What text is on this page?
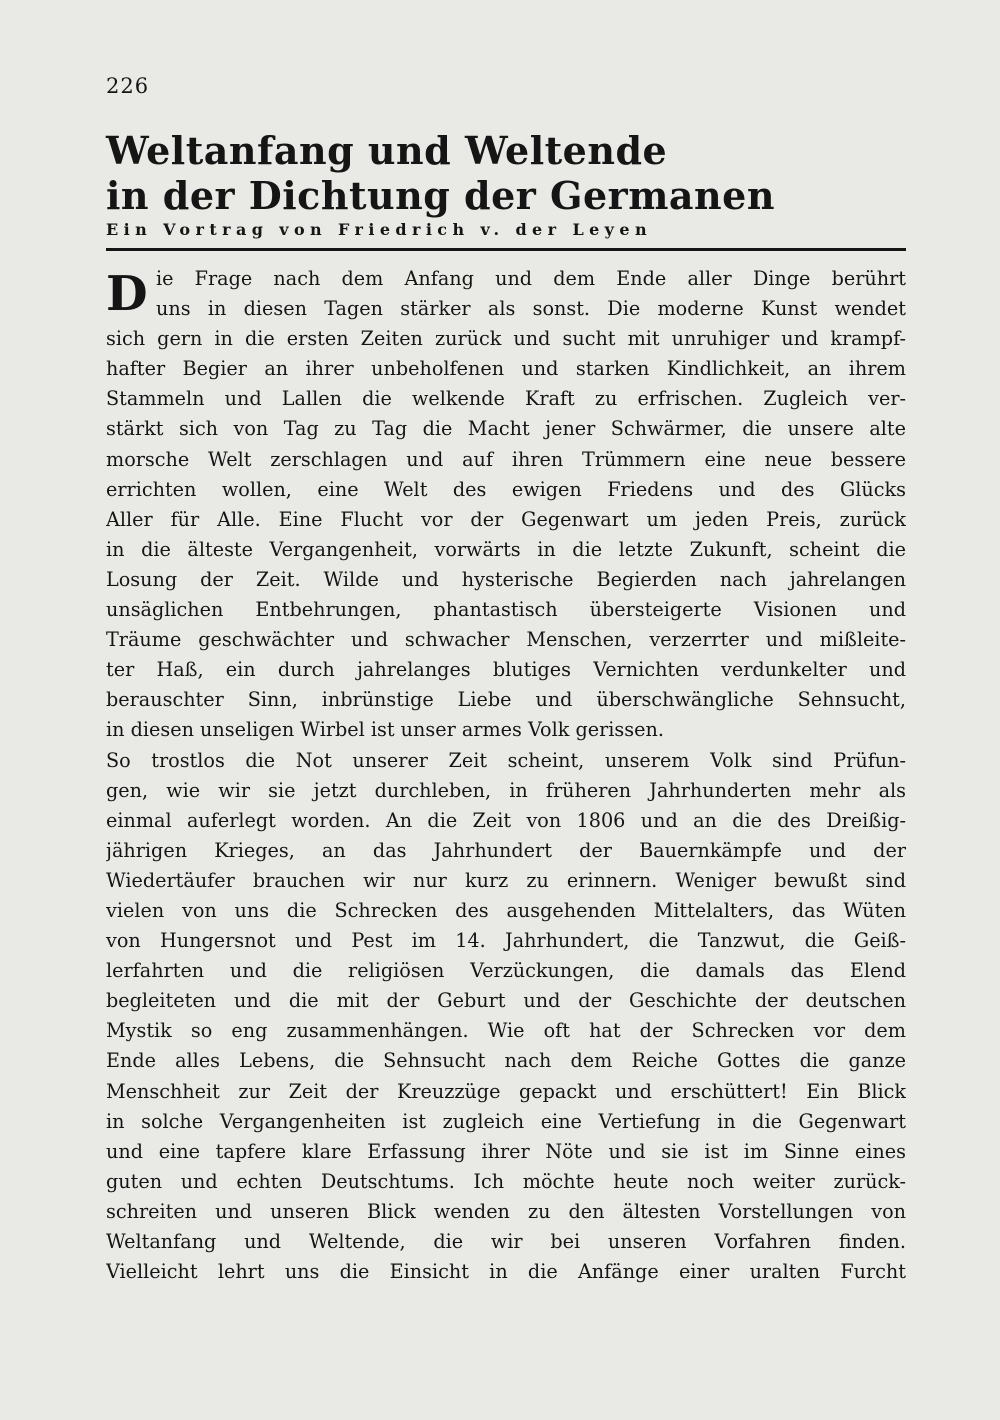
226
Weltanfang und Weltende
in der Dichtung der Germanen
Ein Vortrag von Friedrich v. der Leyen
D ie Frage nach dem Anfang und dem Ende aller Dinge berührt
uns in diesen Tagen stärker als sonst. Die moderne Kunst wendet
sich gern in die ersten Zeiten zurück und sucht mit unruhiger und krampf-
hafter Begier an ihrer unbeholfenen und starken Kindlichkeit, an ihrem
Stammeln und Lallen die welkende Kraft zu erfrischen. Zugleich ver-
stärkt sich von Tag zu Tag die Macht jener Schwärmer, die unsere alte
morsche Welt zerschlagen und auf ihren Trümmern eine neue bessere
errichten wollen, eine Welt des ewigen Friedens und des Glücks
Aller für Alle. Eine Flucht vor der Gegenwart um jeden Preis, zurück
in die älteste Vergangenheit, vorwärts in die letzte Zukunft, scheint die
Losung der Zeit. Wilde und hysterische Begierden nach jahrelangen
unsäglichen Entbehrungen, phantastisch übersteigerte Visionen und
Träume geschwächter und schwacher Menschen, verzerrter und mißleite-
ter Haß, ein durch jahrelanges blutiges Vernichten verdunkelter und
berauschter Sinn, inbrünstige Liebe und überschwängliche Sehnsucht,
in diesen unseligen Wirbel ist unser armes Volk gerissen.
So trostlos die Not unserer Zeit scheint, unserem Volk sind Prüfun-
gen, wie wir sie jetzt durchleben, in früheren Jahrhunderten mehr als
einmal auferlegt worden. An die Zeit von 1806 und an die des Dreißig-
jährigen Krieges, an das Jahrhundert der Bauernkämpfe und der
Wiedertäufer brauchen wir nur kurz zu erinnern. Weniger bewußt sind
vielen von uns die Schrecken des ausgehenden Mittelalters, das Wüten
von Hungersnot und Pest im 14. Jahrhundert, die Tanzwut, die Geiß-
lerfahrten und die religiösen Verzückungen, die damals das Elend
begleiteten und die mit der Geburt und der Geschichte der deutschen
Mystik so eng zusammenhängen. Wie oft hat der Schrecken vor dem
Ende alles Lebens, die Sehnsucht nach dem Reiche Gottes die ganze
Menschheit zur Zeit der Kreuzzüge gepackt und erschüttert! Ein Blick
in solche Vergangenheiten ist zugleich eine Vertiefung in die Gegenwart
und eine tapfere klare Erfassung ihrer Nöte und sie ist im Sinne eines
guten und echten Deutschtums. Ich möchte heute noch weiter zurück-
schreiten und unseren Blick wenden zu den ältesten Vorstellungen von
Weltanfang und Weltende, die wir bei unseren Vorfahren finden.
Vielleicht lehrt uns die Einsicht in die Anfänge einer uralten Furcht
